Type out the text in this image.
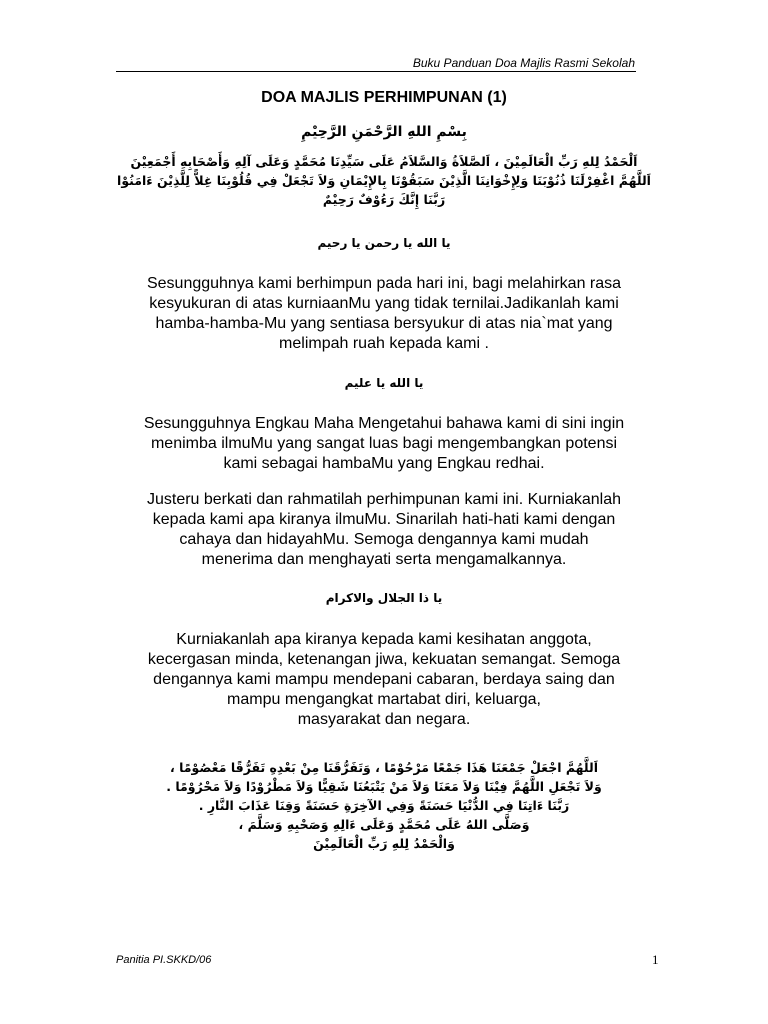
Buku Panduan Doa Majlis Rasmi Sekolah
DOA MAJLIS PERHIMPUNAN (1)
بِسْمِ اللهِ الرَّحْمَنِ الرَّحِيْمِ
اَلْحَمْدُ لِلهِ رَبِّ الْعَالَمِيْنَ ، اَلصَّلاَةُ وَالسَّلاَمُ عَلَى سَيِّدِنَا مُحَمَّدٍ وَعَلَى آلِهِ وَأَصْحَابِهِ أَجْمَعِيْنَ
اَللَّهُمَّ اغْفِرْلَنَا ذُنُوْبَنَا وَلِإِخْوَانِنَا الَّذِيْنَ سَبَقُوْنَا بِالإِيْمَانِ وَلاَ تَجْعَلْ فِي قُلُوْبِنَا غِلاًّ لِلَّذِيْنَ ءَامَنُوْا
رَبَّنَا إِنَّكَ رَءُوْفٌ رَحِيْمٌ
يا الله يا رحمن يا رحيم
Sesungguhnya kami berhimpun pada hari ini, bagi melahirkan rasa
kesyukuran di atas kurniaanMu yang tidak ternilai.Jadikanlah kami
hamba-hamba-Mu yang sentiasa bersyukur di atas nia`mat yang
melimpah ruah kepada kami .
يا الله يا عليم
Sesungguhnya Engkau Maha Mengetahui bahawa kami di sini ingin
menimba ilmuMu yang sangat luas bagi mengembangkan potensi
kami sebagai hambaMu yang Engkau redhai.
Justeru berkati dan rahmatilah perhimpunan kami ini. Kurniakanlah
kepada kami apa kiranya ilmuMu. Sinarilah hati-hati kami dengan
cahaya dan hidayahMu. Semoga dengannya kami mudah
menerima dan menghayati serta mengamalkannya.
يا ذا الجلال والاكرام
Kurniakanlah apa kiranya kepada kami kesihatan anggota,
kecergasan minda, ketenangan jiwa, kekuatan semangat. Semoga
dengannya kami mampu mendepani cabaran, berdaya saing dan
mampu mengangkat martabat diri, keluarga,
masyarakat dan negara.
اَللَّهُمَّ اجْعَلْ جَمْعَنَا هَذَا جَمْعًا مَرْحُوْمًا ، وَتَفَرُّقَنَا مِنْ بَعْدِهِ تَفَرُّقًا مَعْصُوْمًا ،
وَلاَ تَجْعَلِ اللَّهُمَّ فِيْنَا وَلاَ مَعَنَا وَلاَ مَنْ يَتْبَعُنَا شَقِيًّا وَلاَ مَطْرُوْدًا وَلاَ مَحْرُوْمًا .
رَبَّنَا ءَاتِنَا فِي الدُّنْيَا حَسَنَةً وَفِي الآخِرَةِ حَسَنَةً وَقِنَا عَذَابَ النَّارِ .
وَصَلَّى اللهُ عَلَى مُحَمَّدٍ وَعَلَى ءَالِهِ وَصَحْبِهِ وَسَلَّمَ ،
وَالْحَمْدُ لِلهِ رَبِّ الْعَالَمِيْنَ
Panitia PI.SKKD/06	1
